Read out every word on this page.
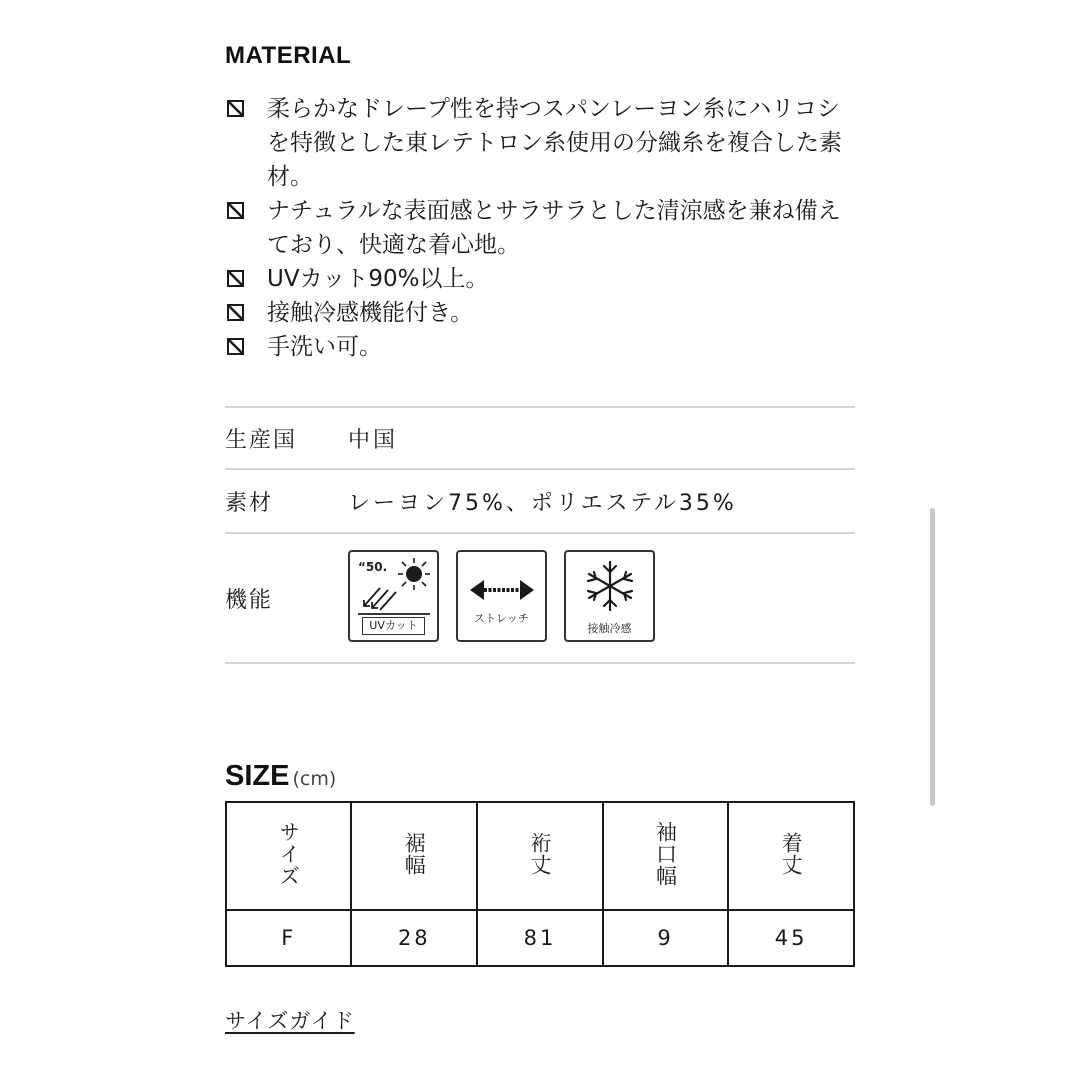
MATERIAL
柔らかなドレープ性を持つスパンレーヨン糸にハリコシを特徴とした東レテトロン糸使用の分織糸を複合した素材。
ナチュラルな表面感とサラサラとした清涼感を兼ね備えており、快適な着心地。
UVカット90%以上。
接触冷感機能付き。
手洗い可。
生産国	中国
素材	レーヨン75%、ポリエステル35%
機能
“50.
UVカット
ストレッチ
接触冷感
SIZE (cm)
サイズ	裾幅	裄丈	袖口幅	着丈
F	28	81	9	45
サイズガイド
